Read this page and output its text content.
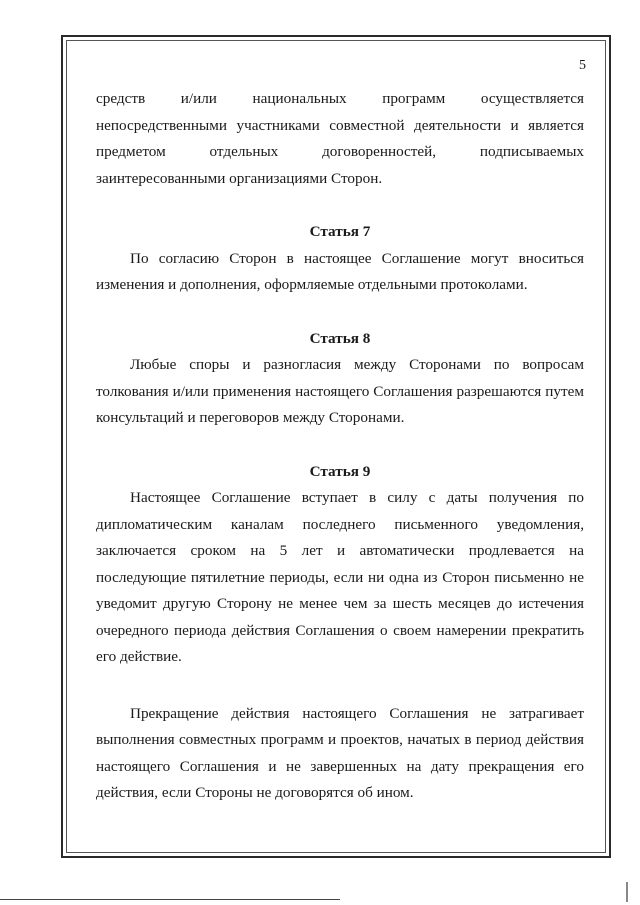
5

средств и/или национальных программ осуществляется непосредственными участниками совместной деятельности и является предметом отдельных договоренностей, подписываемых заинтересованными организациями Сторон.

Статья 7

По согласию Сторон в настоящее Соглашение могут вноситься изменения и дополнения, оформляемые отдельными протоколами.

Статья 8

Любые споры и разногласия между Сторонами по вопросам толкования и/или применения настоящего Соглашения разрешаются путем консультаций и переговоров между Сторонами.

Статья 9

Настоящее Соглашение вступает в силу с даты получения по дипломатическим каналам последнего письменного уведомления, заключается сроком на 5 лет и автоматически продлевается на последующие пятилетние периоды, если ни одна из Сторон письменно не уведомит другую Сторону не менее чем за шесть месяцев до истечения очередного периода действия Соглашения о своем намерении прекратить его действие.

Прекращение действия настоящего Соглашения не затрагивает выполнения совместных программ и проектов, начатых в период действия настоящего Соглашения и не завершенных на дату прекращения его действия, если Стороны не договорятся об ином.
